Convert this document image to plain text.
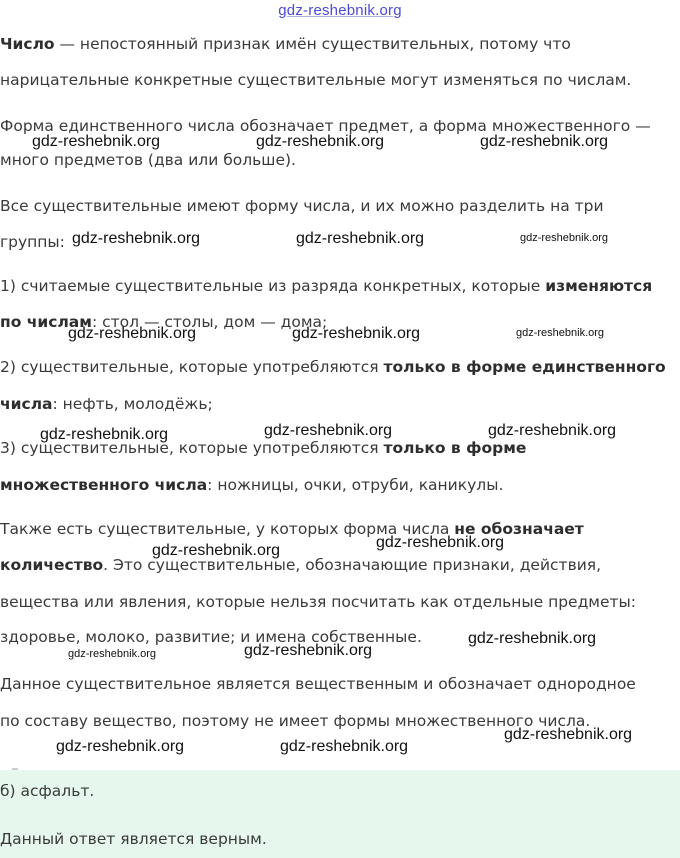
gdz-reshebnik.org
Число — непостоянный признак имён существительных, потому что
нарицательные конкретные существительные могут изменяться по числам.
Форма единственного числа обозначает предмет, а форма множественного —
много предметов (два или больше).
Все существительные имеют форму числа, и их можно разделить на три
группы:
1) считаемые существительные из разряда конкретных, которые изменяются
по числам: стол — столы, дом — дома;
2) существительные, которые употребляются только в форме единственного
числа: нефть, молодёжь;
3) существительные, которые употребляются только в форме
множественного числа: ножницы, очки, отруби, каникулы.
Также есть существительные, у которых форма числа не обозначает
количество. Это существительные, обозначающие признаки, действия,
вещества или явления, которые нельзя посчитать как отдельные предметы:
здоровье, молоко, развитие; и имена собственные.
Данное существительное является вещественным и обозначает однородное
по составу вещество, поэтому не имеет формы множественного числа.
б) асфальт.
Данный ответ является верным.
gdz-reshebnik.org	gdz-reshebnik.org	gdz-reshebnik.org
gdz-reshebnik.org	gdz-reshebnik.org	gdz-reshebnik.org
gdz-reshebnik.org	gdz-reshebnik.org	gdz-reshebnik.org
gdz-reshebnik.org	gdz-reshebnik.org	gdz-reshebnik.org
gdz-reshebnik.org	gdz-reshebnik.org
gdz-reshebnik.org
gdz-reshebnik.org	gdz-reshebnik.org
gdz-reshebnik.org	gdz-reshebnik.org
gdz-reshebnik.org
